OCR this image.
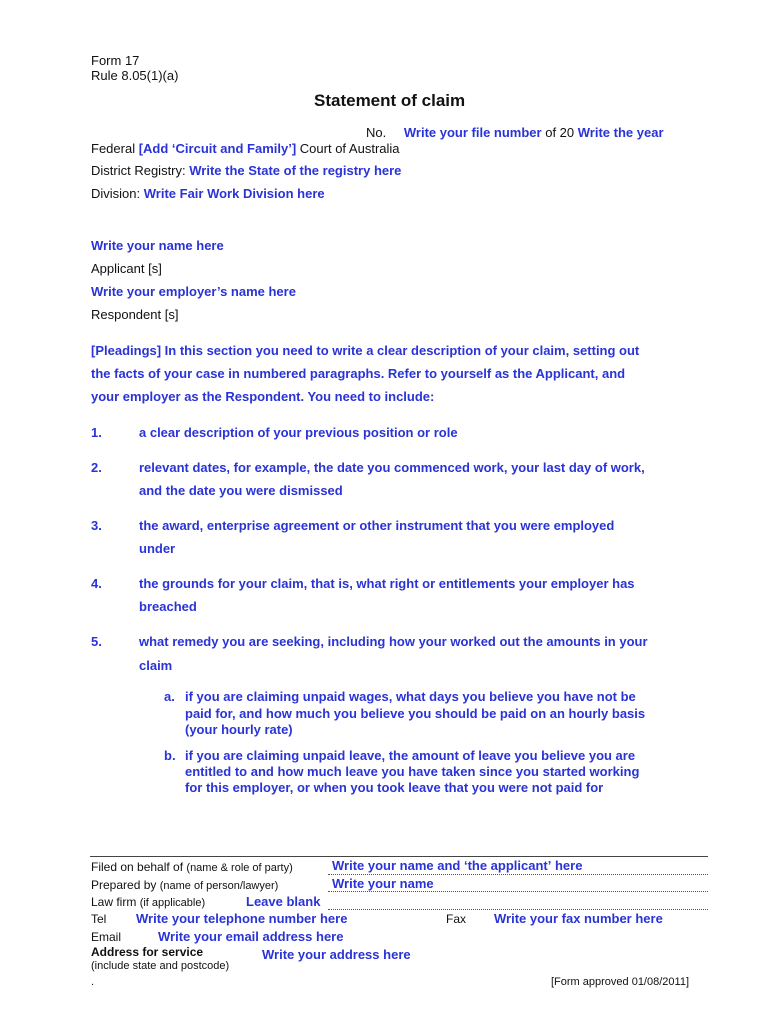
Form 17
Rule 8.05(1)(a)
Statement of claim
No. Write your file number of 20 Write the year
Federal [Add ‘Circuit and Family’] Court of Australia
District Registry: Write the State of the registry here
Division: Write Fair Work Division here
Write your name here
Applicant [s]
Write your employer’s name here
Respondent [s]
[Pleadings] In this section you need to write a clear description of your claim, setting out
the facts of your case in numbered paragraphs. Refer to yourself as the Applicant, and
your employer as the Respondent. You need to include:
1.	a clear description of your previous position or role
2.	relevant dates, for example, the date you commenced work, your last day of work,
and the date you were dismissed
3.	the award, enterprise agreement or other instrument that you were employed
under
4.	the grounds for your claim, that is, what right or entitlements your employer has
breached
5.	what remedy you are seeking, including how your worked out the amounts in your
claim
a. if you are claiming unpaid wages, what days you believe you have not be
paid for, and how much you believe you should be paid on an hourly basis
(your hourly rate)
b. if you are claiming unpaid leave, the amount of leave you believe you are
entitled to and how much leave you have taken since you started working
for this employer, or when you took leave that you were not paid for
Filed on behalf of (name & role of party)	Write your name and ‘the applicant’ here
Prepared by (name of person/lawyer)	Write your name
Law firm (if applicable)	Leave blank
Tel Write your telephone number here	Fax Write your fax number here
Email	Write your email address here
Address for service
(include state and postcode)
Write your address here
.	[Form approved 01/08/2011]
